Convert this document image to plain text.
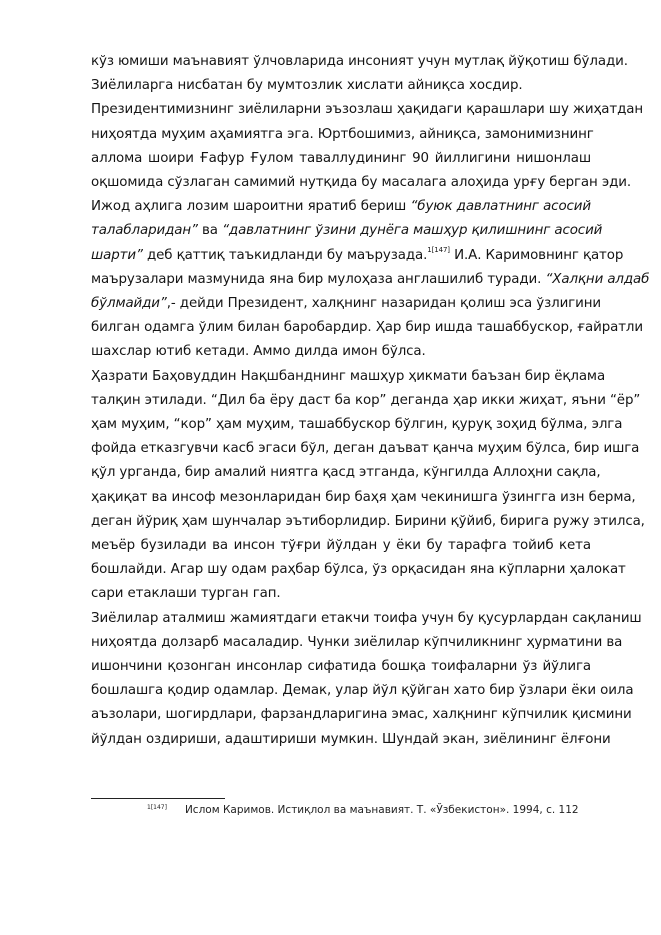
кўз юмиши маънавият ўлчовларида инсоният учун мутлақ йўқотиш бўлади.
Зиёлиларга нисбатан бу мумтозлик хислати айниқса хосдир.
Президентимизнинг зиёлиларни эъзозлаш ҳақидаги қарашлари шу жиҳатдан
ниҳоятда муҳим аҳамиятга эга. Юртбошимиз, айниқса, замонимизнинг
аллома шоири Ғафур Ғулом таваллудининг 90 йиллигини нишонлаш
оқшомида сўзлаган самимий нутқида бу масалага алоҳида урғу берган эди.
Ижод аҳлига лозим шароитни яратиб бериш “буюк давлатнинг асосий
талабларидан” ва “давлатнинг ўзини дунёга машҳур қилишнинг асосий
шарти” деб қаттиқ таъкидланди бу маърузада.$^{1[147]}$ И.А. Каримовнинг қатор
маърузалари мазмунида яна бир мулоҳаза англашилиб туради. “Халқни алдаб
бўлмайди”,- дейди Президент, халқнинг назаридан қолиш эса ўзлигини
билган одамга ўлим билан баробардир. Ҳар бир ишда ташаббускор, ғайратли
шахслар ютиб кетади. Аммо дилда имон бўлса.
Ҳазрати Баҳовуддин Нақшбанднинг машҳур ҳикмати баъзан бир ёқлама
талқин этилади. “Дил ба ёру даст ба кор” деганда ҳар икки жиҳат, яъни “ёр”
ҳам муҳим, “кор” ҳам муҳим, ташаббускор бўлгин, қуруқ зоҳид бўлма, элга
фойда етказгувчи касб эгаси бўл, деган даъват қанча муҳим бўлса, бир ишга
қўл урганда, бир амалий ниятга қасд этганда, кўнгилда Аллоҳни сақла,
ҳақиқат ва инсоф мезонларидан бир баҳя ҳам чекинишга ўзингга изн берма,
деган йўриқ ҳам шунчалар эътиборлидир. Бирини қўйиб, бирига ружу этилса,
меъёр бузилади ва инсон тўғри йўлдан у ёки бу тарафга тойиб кета
бошлайди. Агар шу одам раҳбар бўлса, ўз орқасидан яна кўпларни ҳалокат
сари етаклаши турган гап.
Зиёлилар аталмиш жамиятдаги етакчи тоифа учун бу қусурлардан сақланиш
ниҳоятда долзарб масаладир. Чунки зиёлилар кўпчиликнинг ҳурматини ва
ишончини қозонган инсонлар сифатида бошқа тоифаларни ўз йўлига
бошлашга қодир одамлар. Демак, улар йўл қўйган хато бир ўзлари ёки оила
аъзолари, шогирдлари, фарзандларигина эмас, халқнинг кўпчилик қисмини
йўлдан оздириши, адаштириши мумкин. Шундай экан, зиёлининг ёлғони
$^{1[147]}$ Ислом Каримов. Истиқлол ва маънавият. Т. «Ўзбекистон». 1994, с. 112
